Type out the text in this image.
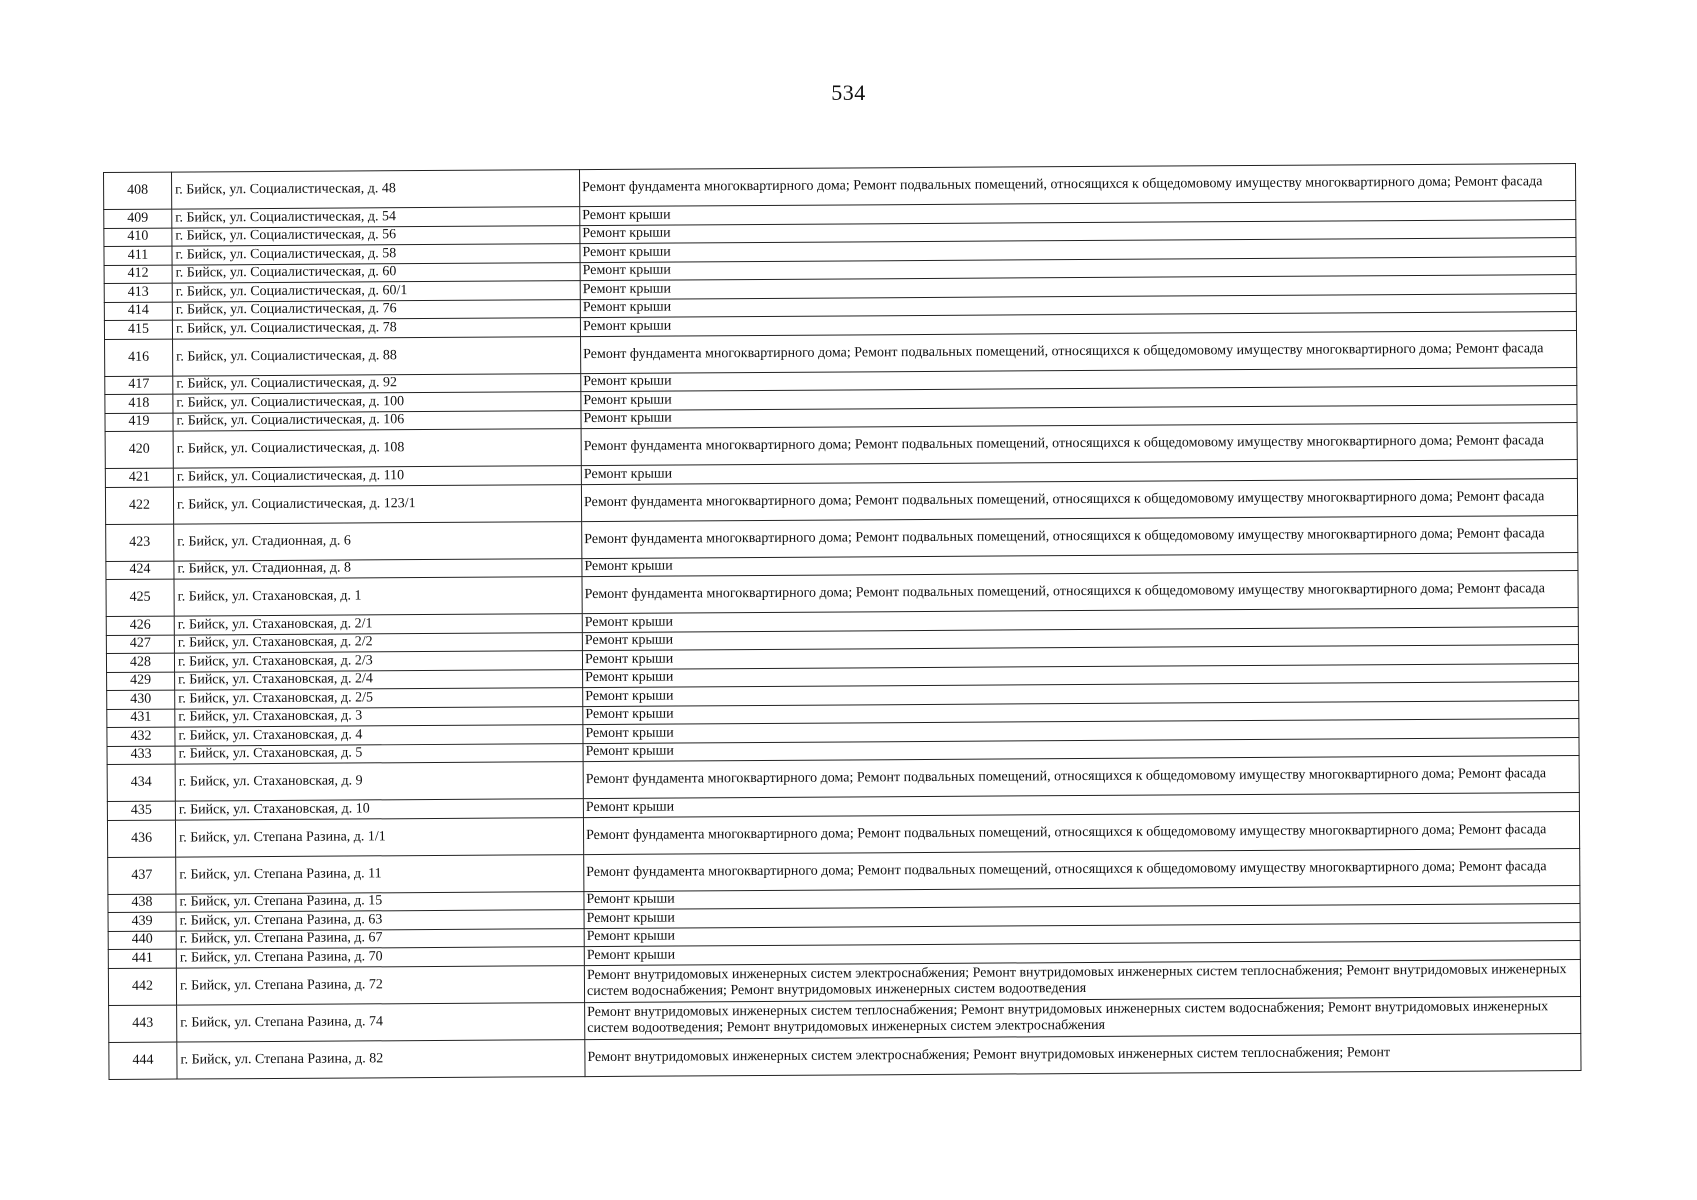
534
408	г. Бийск, ул. Социалистическая, д. 48	Ремонт фундамента многоквартирного дома; Ремонт подвальных помещений, относящихся к общедомовому имуществу многоквартирного дома; Ремонт фасада
409	г. Бийск, ул. Социалистическая, д. 54	Ремонт крыши
410	г. Бийск, ул. Социалистическая, д. 56	Ремонт крыши
411	г. Бийск, ул. Социалистическая, д. 58	Ремонт крыши
412	г. Бийск, ул. Социалистическая, д. 60	Ремонт крыши
413	г. Бийск, ул. Социалистическая, д. 60/1	Ремонт крыши
414	г. Бийск, ул. Социалистическая, д. 76	Ремонт крыши
415	г. Бийск, ул. Социалистическая, д. 78	Ремонт крыши
416	г. Бийск, ул. Социалистическая, д. 88	Ремонт фундамента многоквартирного дома; Ремонт подвальных помещений, относящихся к общедомовому имуществу многоквартирного дома; Ремонт фасада
417	г. Бийск, ул. Социалистическая, д. 92	Ремонт крыши
418	г. Бийск, ул. Социалистическая, д. 100	Ремонт крыши
419	г. Бийск, ул. Социалистическая, д. 106	Ремонт крыши
420	г. Бийск, ул. Социалистическая, д. 108	Ремонт фундамента многоквартирного дома; Ремонт подвальных помещений, относящихся к общедомовому имуществу многоквартирного дома; Ремонт фасада
421	г. Бийск, ул. Социалистическая, д. 110	Ремонт крыши
422	г. Бийск, ул. Социалистическая, д. 123/1	Ремонт фундамента многоквартирного дома; Ремонт подвальных помещений, относящихся к общедомовому имуществу многоквартирного дома; Ремонт фасада
423	г. Бийск, ул. Стадионная, д. 6	Ремонт фундамента многоквартирного дома; Ремонт подвальных помещений, относящихся к общедомовому имуществу многоквартирного дома; Ремонт фасада
424	г. Бийск, ул. Стадионная, д. 8	Ремонт крыши
425	г. Бийск, ул. Стахановская, д. 1	Ремонт фундамента многоквартирного дома; Ремонт подвальных помещений, относящихся к общедомовому имуществу многоквартирного дома; Ремонт фасада
426	г. Бийск, ул. Стахановская, д. 2/1	Ремонт крыши
427	г. Бийск, ул. Стахановская, д. 2/2	Ремонт крыши
428	г. Бийск, ул. Стахановская, д. 2/3	Ремонт крыши
429	г. Бийск, ул. Стахановская, д. 2/4	Ремонт крыши
430	г. Бийск, ул. Стахановская, д. 2/5	Ремонт крыши
431	г. Бийск, ул. Стахановская, д. 3	Ремонт крыши
432	г. Бийск, ул. Стахановская, д. 4	Ремонт крыши
433	г. Бийск, ул. Стахановская, д. 5	Ремонт крыши
434	г. Бийск, ул. Стахановская, д. 9	Ремонт фундамента многоквартирного дома; Ремонт подвальных помещений, относящихся к общедомовому имуществу многоквартирного дома; Ремонт фасада
435	г. Бийск, ул. Стахановская, д. 10	Ремонт крыши
436	г. Бийск, ул. Степана Разина, д. 1/1	Ремонт фундамента многоквартирного дома; Ремонт подвальных помещений, относящихся к общедомовому имуществу многоквартирного дома; Ремонт фасада
437	г. Бийск, ул. Степана Разина, д. 11	Ремонт фундамента многоквартирного дома; Ремонт подвальных помещений, относящихся к общедомовому имуществу многоквартирного дома; Ремонт фасада
438	г. Бийск, ул. Степана Разина, д. 15	Ремонт крыши
439	г. Бийск, ул. Степана Разина, д. 63	Ремонт крыши
440	г. Бийск, ул. Степана Разина, д. 67	Ремонт крыши
441	г. Бийск, ул. Степана Разина, д. 70	Ремонт крыши
442	г. Бийск, ул. Степана Разина, д. 72	Ремонт внутридомовых инженерных систем электроснабжения; Ремонт внутридомовых инженерных систем теплоснабжения; Ремонт внутридомовых инженерных систем водоснабжения; Ремонт внутридомовых инженерных систем водоотведения
443	г. Бийск, ул. Степана Разина, д. 74	Ремонт внутридомовых инженерных систем теплоснабжения; Ремонт внутридомовых инженерных систем водоснабжения; Ремонт внутридомовых инженерных систем водоотведения; Ремонт внутридомовых инженерных систем электроснабжения
444	г. Бийск, ул. Степана Разина, д. 82	Ремонт внутридомовых инженерных систем электроснабжения; Ремонт внутридомовых инженерных систем теплоснабжения; Ремонт
